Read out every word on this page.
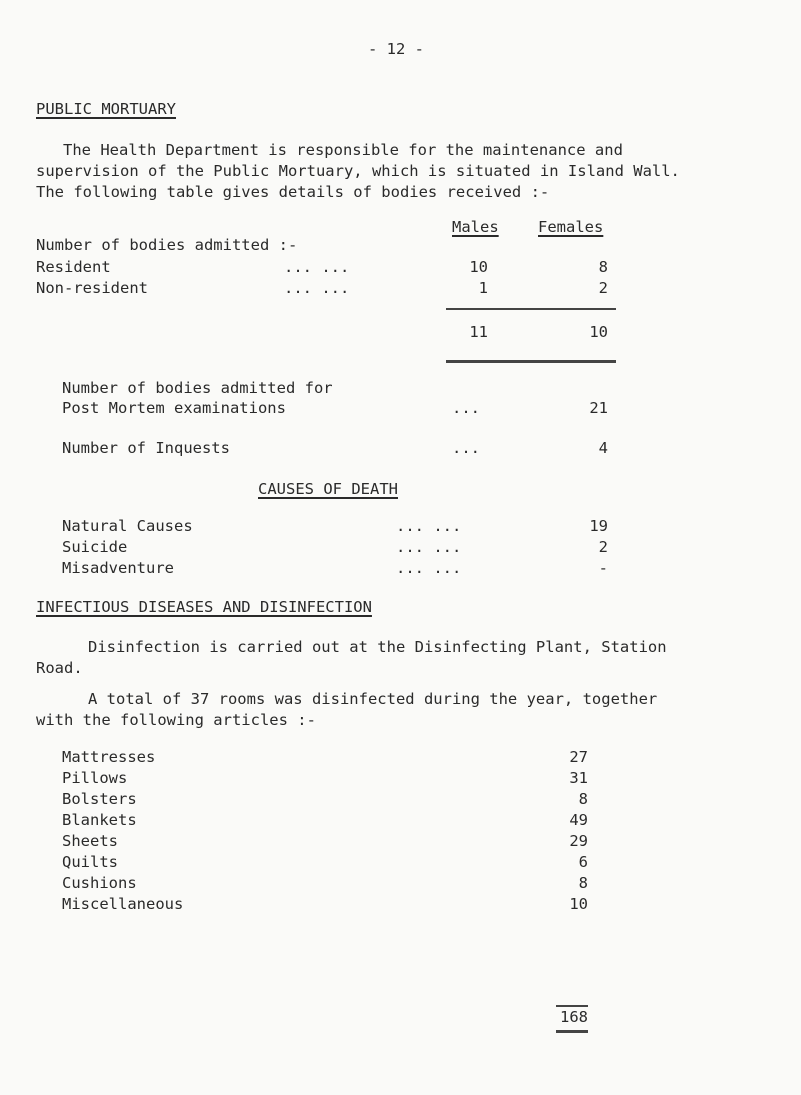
- 12 -
PUBLIC MORTUARY
The Health Department is responsible for the maintenance and
supervision of the Public Mortuary, which is situated in Island Wall.
The following table gives details of bodies received :-
Males	Females
Number of bodies admitted :-
Resident	... ...	10	8
Non-resident	... ...	1	2
11	10
Number of bodies admitted for
Post Mortem examinations	...	21
Number of Inquests	...	4
CAUSES OF DEATH
Natural Causes	... ...	19
Suicide	... ...	2
Misadventure	... ...	-
INFECTIOUS DISEASES AND DISINFECTION
Disinfection is carried out at the Disinfecting Plant, Station
Road.
A total of 37 rooms was disinfected during the year, together
with the following articles :-
Mattresses	27
Pillows	31
Bolsters	8
Blankets	49
Sheets	29
Quilts	6
Cushions	8
Miscellaneous	10
168
